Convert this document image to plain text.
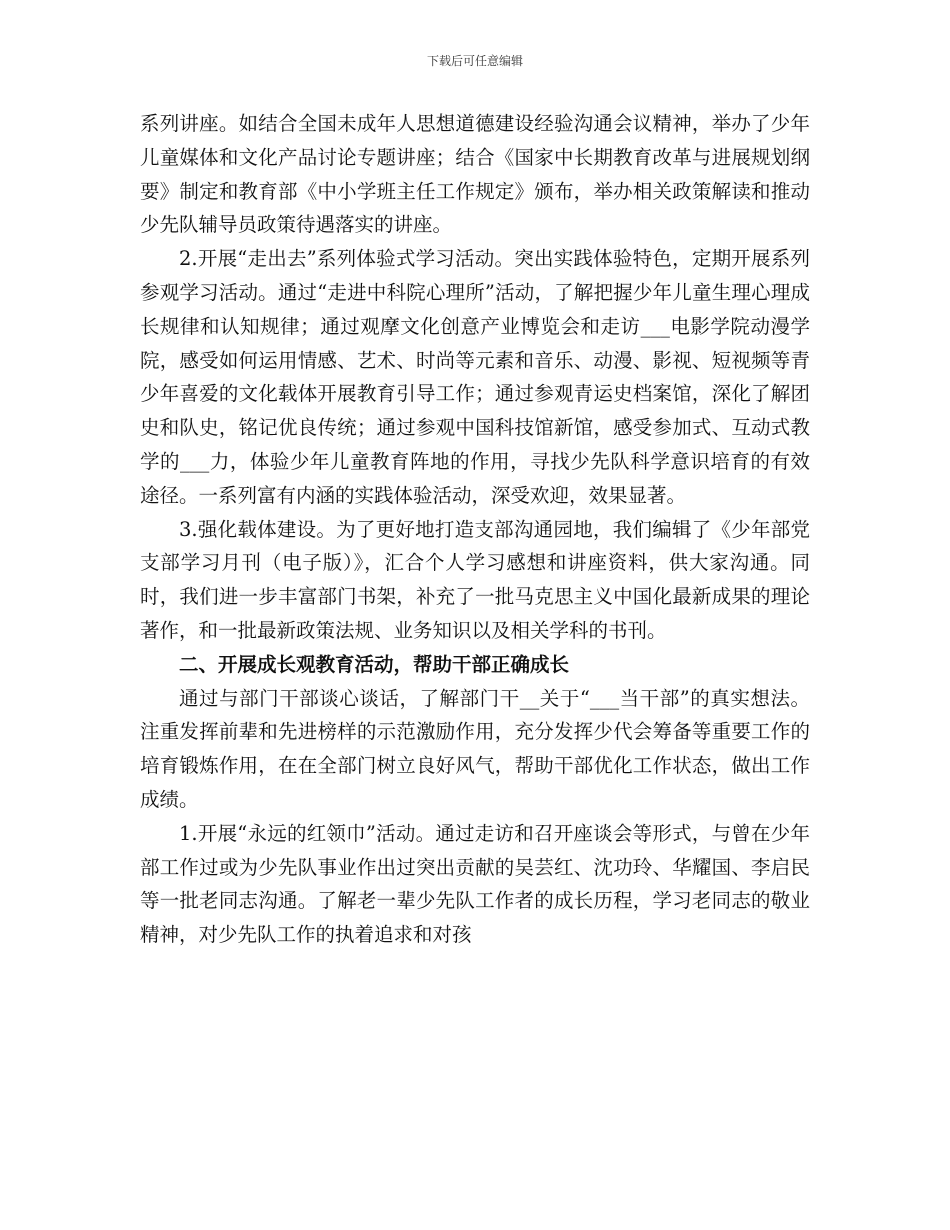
下载后可任意编辑

系列讲座。如结合全国未成年人思想道德建设经验沟通会议精神，举办了少年儿童媒体和文化产品讨论专题讲座；结合《国家中长期教育改革与进展规划纲要》制定和教育部《中小学班主任工作规定》颁布，举办相关政策解读和推动少先队辅导员政策待遇落实的讲座。

2.开展“走出去”系列体验式学习活动。突出实践体验特色，定期开展系列参观学习活动。通过“走进中科院心理所”活动，了解把握少年儿童生理心理成长规律和认知规律；通过观摩文化创意产业博览会和走访___电影学院动漫学院，感受如何运用情感、艺术、时尚等元素和音乐、动漫、影视、短视频等青少年喜爱的文化载体开展教育引导工作；通过参观青运史档案馆，深化了解团史和队史，铭记优良传统；通过参观中国科技馆新馆，感受参加式、互动式教学的___力，体验少年儿童教育阵地的作用，寻找少先队科学意识培育的有效途径。一系列富有内涵的实践体验活动，深受欢迎，效果显著。

3.强化载体建设。为了更好地打造支部沟通园地，我们编辑了《少年部党支部学习月刊（电子版）》，汇合个人学习感想和讲座资料，供大家沟通。同时，我们进一步丰富部门书架，补充了一批马克思主义中国化最新成果的理论著作，和一批最新政策法规、业务知识以及相关学科的书刊。

二、开展成长观教育活动，帮助干部正确成长

通过与部门干部谈心谈话，了解部门干__关于“___当干部”的真实想法。注重发挥前辈和先进榜样的示范激励作用，充分发挥少代会筹备等重要工作的培育锻炼作用，在在全部门树立良好风气，帮助干部优化工作状态，做出工作成绩。

1.开展“永远的红领巾”活动。通过走访和召开座谈会等形式，与曾在少年部工作过或为少先队事业作出过突出贡献的吴芸红、沈功玲、华耀国、李启民等一批老同志沟通。了解老一辈少先队工作者的成长历程，学习老同志的敬业精神，对少先队工作的执着追求和对孩
